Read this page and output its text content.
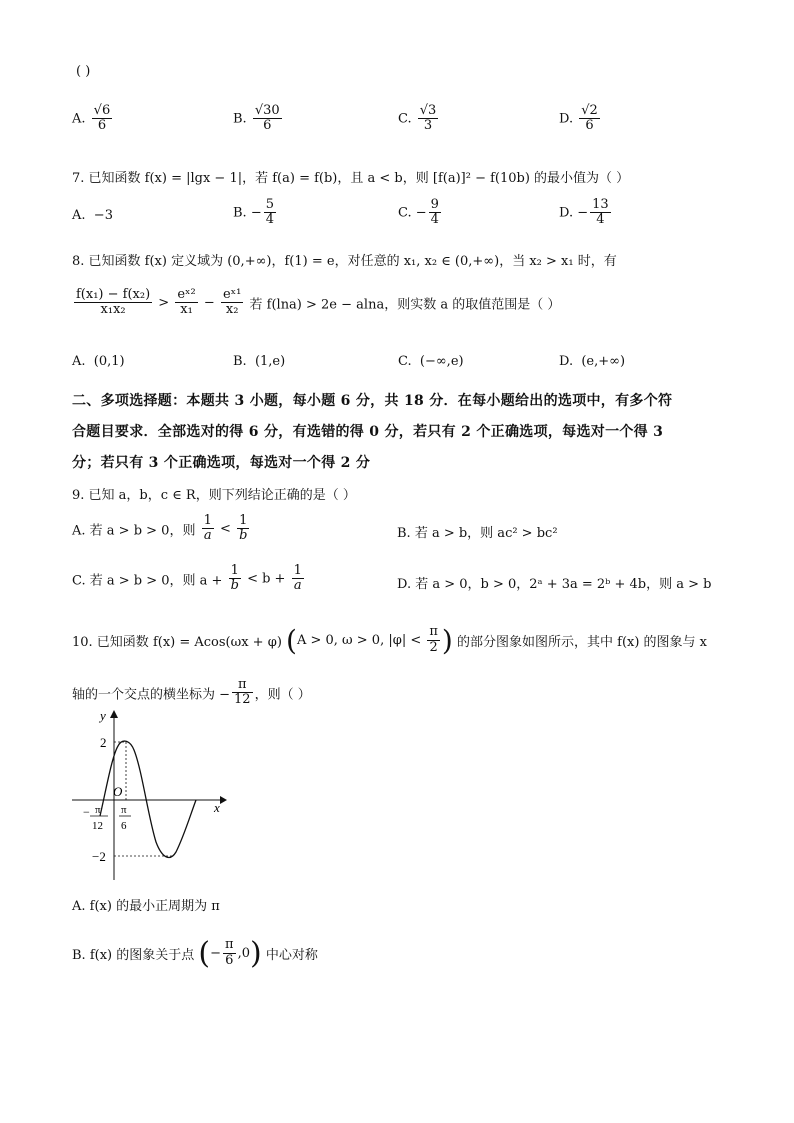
( )
A. $\frac{√6}{6}$	B. $\frac{√30}{6}$	C. $\frac{√3}{3}$	D. $\frac{√2}{6}$
7. 已知函数 f(x) = |lgx − 1|，若 f(a) = f(b)，且 a < b，则 [f(a)]² − f(10b) 的最小值为（ ）
A. −3	B. − $\frac{5}{4}$	C. − $\frac{9}{4}$	D. − $\frac{13}{4}$
8. 已知函数 f(x) 定义域为 (0,+∞)，f(1) = e，对任意的 x₁, x₂ ∈ (0,+∞)，当 x₂ > x₁ 时，有
$\frac{\text{f(x₁) − f(x₂)}}{\text{x₁x₂}} > \frac{\text{eˣ²}}{\text{x₁}} - \frac{\text{eˣ¹}}{\text{x₂}}$ 若 f(lna) > 2e − alna，则实数 a 的取值范围是（ ）
A. (0,1)	B. (1,e)	C. (−∞,e)	D. (e,+∞)
二、多项选择题：本题共 3 小题，每小题 6 分，共 18 分．在每小题给出的选项中，有多个符
合题目要求．全部选对的得 6 分，有选错的得 0 分，若只有 2 个正确选项，每选对一个得 3
分；若只有 3 个正确选项，每选对一个得 2 分
9. 已知 a，b，c ∈ R，则下列结论正确的是（ ）
A. 若 a > b > 0，则 $\frac{1}{a} < \frac{1}{b}$	B. 若 a > b，则 ac² > bc²
C. 若 a > b > 0，则 $a + \frac{1}{b} < b + \frac{1}{a}$	D. 若 a > 0，b > 0，2ᵃ + 3a = 2ᵇ + 4b，则 a > b
10. 已知函数 f(x) = Acos(ωx + φ) (A > 0, ω > 0, $|\varphi| < \frac{\pi}{2}$ ) 的部分图象如图所示，其中 f(x) 的图象与 x
轴的一个交点的横坐标为 − $\frac{\pi}{12}$ ，则（ ）
y
x
O
2
−2
− π
12
π
6
A. f(x) 的最小正周期为 π
B. f(x) 的图象关于点 (− $\frac{\pi}{6} ,0$) 中心对称
